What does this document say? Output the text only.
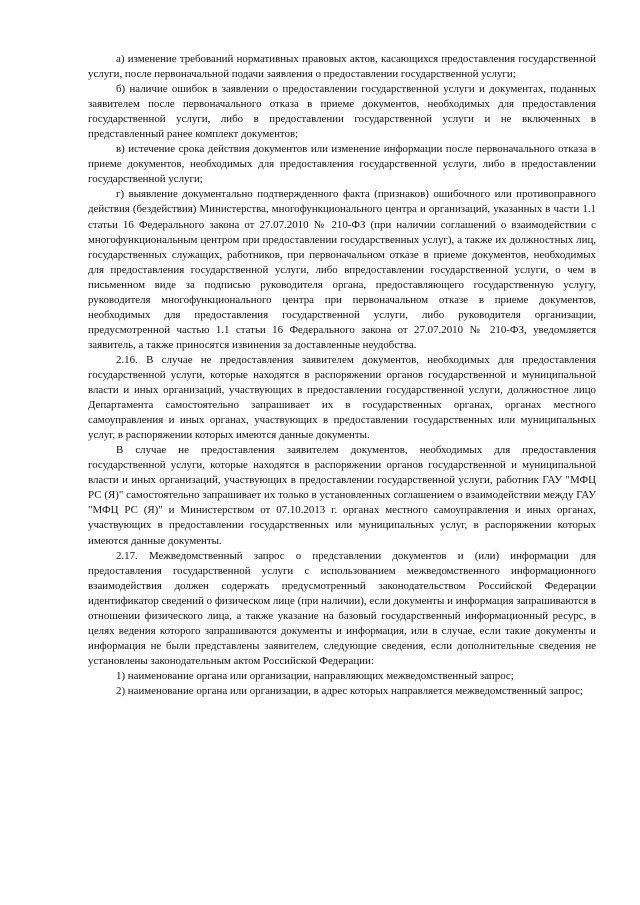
а) изменение требований нормативных правовых актов, касающихся предоставления государственной услуги, после первоначальной подачи заявления о предоставлении государственной услуги;

б) наличие ошибок в заявлении о предоставлении государственной услуги и документах, поданных заявителем после первоначального отказа в приеме документов, необходимых для предоставления государственной услуги, либо в предоставлении государственной услуги и не включенных в представленный ранее комплект документов;

в) истечение срока действия документов или изменение информации после первоначального отказа в приеме документов, необходимых для предоставления государственной услуги, либо в предоставлении государственной услуги;

г) выявление документально подтвержденного факта (признаков) ошибочного или противоправного действия (бездействия) Министерства, многофункционального центра и организаций, указанных в части 1.1 статьи 16 Федерального закона от 27.07.2010 № 210-ФЗ (при наличии соглашений о взаимодействии с многофункциональным центром при предоставлении государственных услуг), а также их должностных лиц, государственных служащих, работников, при первоначальном отказе в приеме документов, необходимых для предоставления государственной услуги, либо впредоставлении государственной услуги, о чем в письменном виде за подписью руководителя органа, предоставляющего государственную услугу, руководителя многофункционального центра при первоначальном отказе в приеме документов, необходимых для предоставления государственной услуги, либо руководителя организации, предусмотренной частью 1.1 статьи 16 Федерального закона от 27.07.2010 № 210-ФЗ, уведомляется заявитель, а также приносятся извинения за доставленные неудобства.

2.16. В случае не предоставления заявителем документов, необходимых для предоставления государственной услуги, которые находятся в распоряжении органов государственной и муниципальной власти и иных организаций, участвующих в предоставлении государственной услуги, должностное лицо Департамента самостоятельно запрашивает их в государственных органах, органах местного самоуправления и иных органах, участвующих в предоставлении государственных или муниципальных услуг, в распоряжении которых имеются данные документы.

В случае не предоставления заявителем документов, необходимых для предоставления государственной услуги, которые находятся в распоряжении органов государственной и муниципальной власти и иных организаций, участвующих в предоставлении государственной услуги, работник ГАУ "МФЦ РС (Я)" самостоятельно запрашивает их только в установленных соглашением о взаимодействии между ГАУ "МФЦ РС (Я)" и Министерством от 07.10.2013 г. органах местного самоуправления и иных органах, участвующих в предоставлении государственных или муниципальных услуг, в распоряжении которых имеются данные документы.

2.17. Межведомственный запрос о представлении документов и (или) информации для предоставления государственной услуги с использованием межведомственного информационного взаимодействия должен содержать предусмотренный законодательством Российской Федерации идентификатор сведений о физическом лице (при наличии), если документы и информация запрашиваются в отношении физического лица, а также указание на базовый государственный информационный ресурс, в целях ведения которого запрашиваются документы и информация, или в случае, если такие документы и информация не были представлены заявителем, следующие сведения, если дополнительные сведения не установлены законодательным актом Российской Федерации:

1) наименование органа или организации, направляющих межведомственный запрос;

2) наименование органа или организации, в адрес которых направляется межведомственный запрос;
